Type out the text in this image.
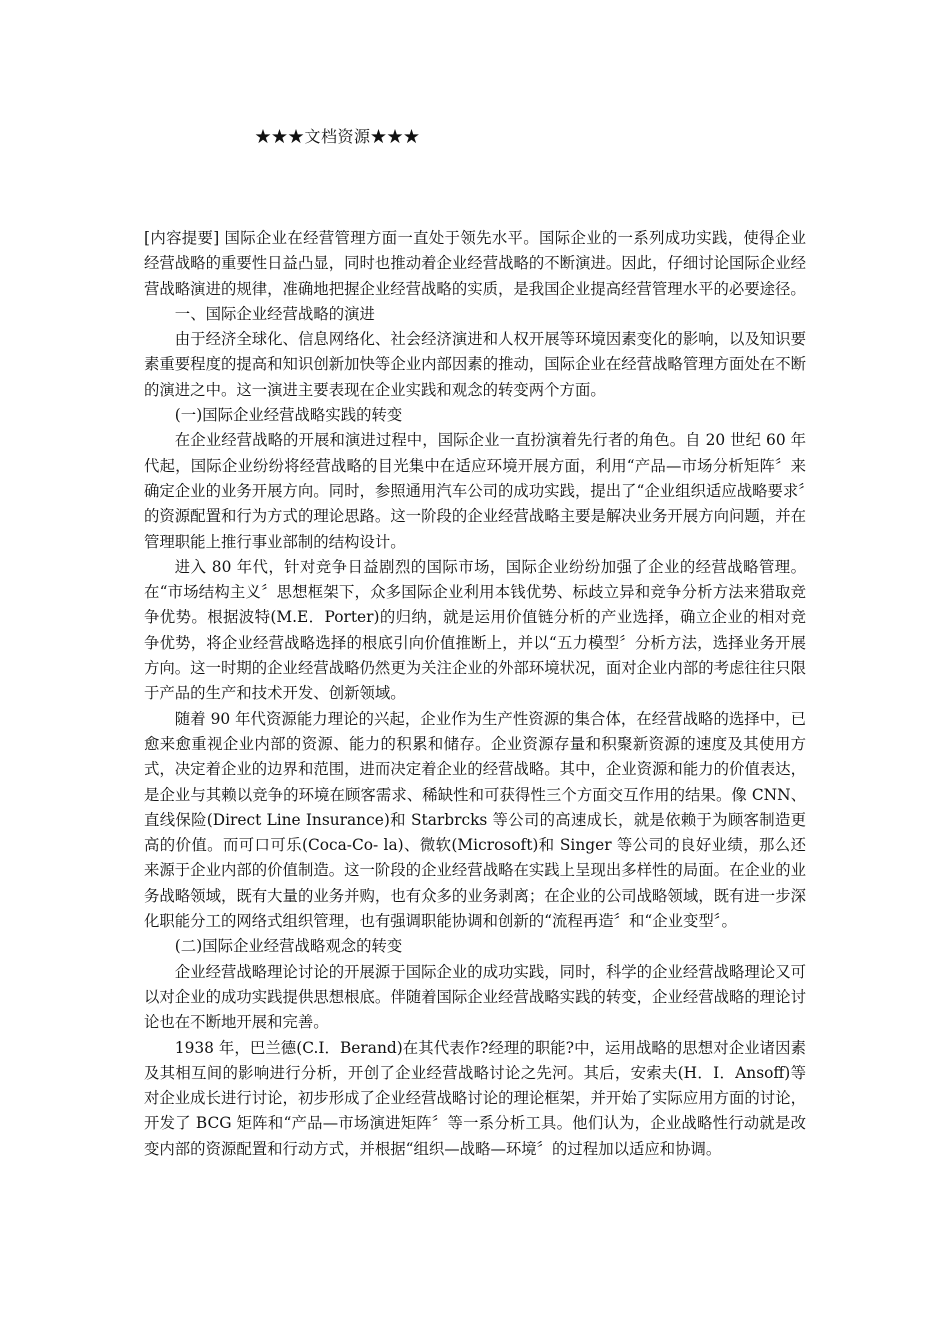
★★★文档资源★★★

[内容提要] 国际企业在经营管理方面一直处于领先水平。国际企业的一系列成功实践，使得企业经营战略的重要性日益凸显，同时也推动着企业经营战略的不断演进。因此，仔细讨论国际企业经营战略演进的规律，准确地把握企业经营战略的实质，是我国企业提高经营管理水平的必要途径。

一、国际企业经营战略的演进

由于经济全球化、信息网络化、社会经济演进和人权开展等环境因素变化的影响，以及知识要素重要程度的提高和知识创新加快等企业内部因素的推动，国际企业在经营战略管理方面处在不断的演进之中。这一演进主要表现在企业实践和观念的转变两个方面。

(一)国际企业经营战略实践的转变

在企业经营战略的开展和演进过程中，国际企业一直扮演着先行者的角色。自 20 世纪 60 年代起，国际企业纷纷将经营战略的目光集中在适应环境开展方面，利用“产品—市场分析矩阵〞来确定企业的业务开展方向。同时，参照通用汽车公司的成功实践，提出了“企业组织适应战略要求〞的资源配置和行为方式的理论思路。这一阶段的企业经营战略主要是解决业务开展方向问题，并在管理职能上推行事业部制的结构设计。

进入 80 年代，针对竞争日益剧烈的国际市场，国际企业纷纷加强了企业的经营战略管理。在“市场结构主义〞思想框架下，众多国际企业利用本钱优势、标歧立异和竞争分析方法来猎取竞争优势。根据波特(M.E．Porter)的归纳，就是运用价值链分析的产业选择，确立企业的相对竞争优势，将企业经营战略选择的根底引向价值推断上，并以“五力模型〞分析方法，选择业务开展方向。这一时期的企业经营战略仍然更为关注企业的外部环境状况，面对企业内部的考虑往往只限于产品的生产和技术开发、创新领域。

随着 90 年代资源能力理论的兴起，企业作为生产性资源的集合体，在经营战略的选择中，已愈来愈重视企业内部的资源、能力的积累和储存。企业资源存量和积聚新资源的速度及其使用方式，决定着企业的边界和范围，进而决定着企业的经营战略。其中，企业资源和能力的价值表达，是企业与其赖以竞争的环境在顾客需求、稀缺性和可获得性三个方面交互作用的结果。像 CNN、直线保险(Direct Line Insurance)和 Starbrcks 等公司的高速成长，就是依赖于为顾客制造更高的价值。而可口可乐(Coca-Co- la)、微软(Microsoft)和 Singer 等公司的良好业绩，那么还来源于企业内部的价值制造。这一阶段的企业经营战略在实践上呈现出多样性的局面。在企业的业务战略领域，既有大量的业务并购，也有众多的业务剥离；在企业的公司战略领域，既有进一步深化职能分工的网络式组织管理，也有强调职能协调和创新的“流程再造〞和“企业变型〞。

(二)国际企业经营战略观念的转变

企业经营战略理论讨论的开展源于国际企业的成功实践，同时，科学的企业经营战略理论又可以对企业的成功实践提供思想根底。伴随着国际企业经营战略实践的转变，企业经营战略的理论讨论也在不断地开展和完善。

1938 年，巴兰德(C.I．Berand)在其代表作?经理的职能?中，运用战略的思想对企业诸因素及其相互间的影响进行分析，开创了企业经营战略讨论之先河。其后，安索夫(H．I．Ansoff)等对企业成长进行讨论，初步形成了企业经营战略讨论的理论框架，并开始了实际应用方面的讨论，开发了 BCG 矩阵和“产品—市场演进矩阵〞等一系分析工具。他们认为，企业战略性行动就是改变内部的资源配置和行动方式，并根据“组织—战略—环境〞的过程加以适应和协调。
